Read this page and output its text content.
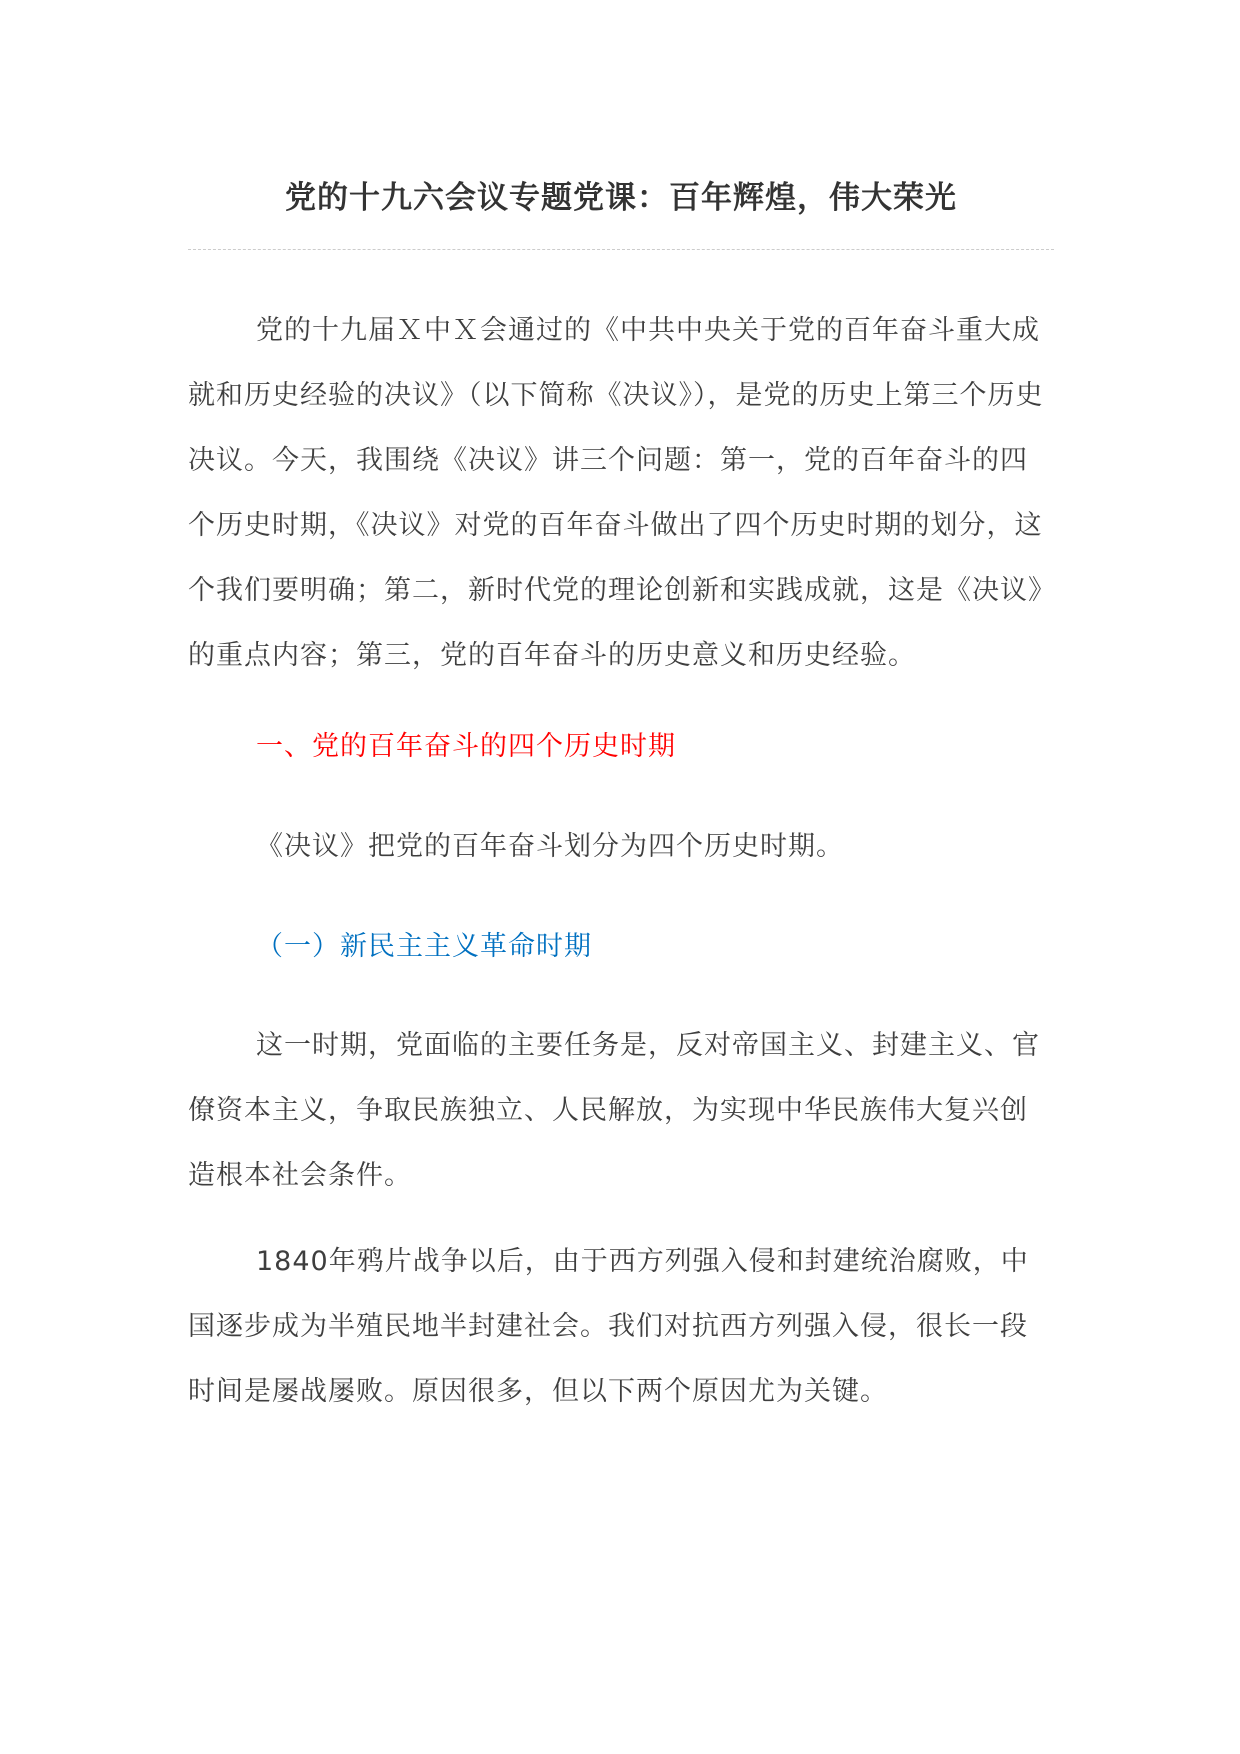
党的十九六会议专题党课：百年辉煌，伟大荣光

党的十九届Ｘ中Ｘ会通过的《中共中央关于党的百年奋斗重大成就和历史经验的决议》（以下简称《决议》），是党的历史上第三个历史决议。今天，我围绕《决议》讲三个问题：第一，党的百年奋斗的四个历史时期，《决议》对党的百年奋斗做出了四个历史时期的划分，这个我们要明确；第二，新时代党的理论创新和实践成就，这是《决议》的重点内容；第三，党的百年奋斗的历史意义和历史经验。

一、党的百年奋斗的四个历史时期

《决议》把党的百年奋斗划分为四个历史时期。

（一）新民主主义革命时期

这一时期，党面临的主要任务是，反对帝国主义、封建主义、官僚资本主义，争取民族独立、人民解放，为实现中华民族伟大复兴创造根本社会条件。

1840年鸦片战争以后，由于西方列强入侵和封建统治腐败，中国逐步成为半殖民地半封建社会。我们对抗西方列强入侵，很长一段时间是屡战屡败。原因很多，但以下两个原因尤为关键。
